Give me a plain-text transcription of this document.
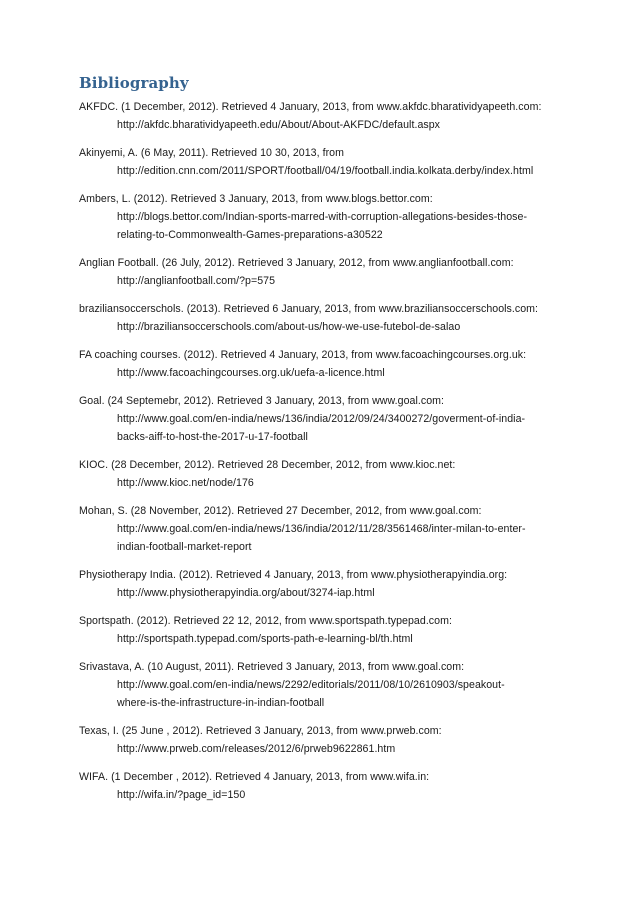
Bibliography
AKFDC. (1 December, 2012). Retrieved 4 January, 2013, from www.akfdc.bharatividyapeeth.com:
http://akfdc.bharatividyapeeth.edu/About/About-AKFDC/default.aspx
Akinyemi, A. (6 May, 2011). Retrieved 10 30, 2013, from
http://edition.cnn.com/2011/SPORT/football/04/19/football.india.kolkata.derby/index.html
Ambers, L. (2012). Retrieved 3 January, 2013, from www.blogs.bettor.com:
http://blogs.bettor.com/Indian-sports-marred-with-corruption-allegations-besides-those-
relating-to-Commonwealth-Games-preparations-a30522
Anglian Football. (26 July, 2012). Retrieved 3 January, 2012, from www.anglianfootball.com:
http://anglianfootball.com/?p=575
braziliansoccerschols. (2013). Retrieved 6 January, 2013, from www.braziliansoccerschools.com:
http://braziliansoccerschools.com/about-us/how-we-use-futebol-de-salao
FA coaching courses. (2012). Retrieved 4 January, 2013, from www.facoachingcourses.org.uk:
http://www.facoachingcourses.org.uk/uefa-a-licence.html
Goal. (24 Septemebr, 2012). Retrieved 3 January, 2013, from www.goal.com:
http://www.goal.com/en-india/news/136/india/2012/09/24/3400272/goverment-of-india-
backs-aiff-to-host-the-2017-u-17-football
KIOC. (28 December, 2012). Retrieved 28 December, 2012, from www.kioc.net:
http://www.kioc.net/node/176
Mohan, S. (28 November, 2012). Retrieved 27 December, 2012, from www.goal.com:
http://www.goal.com/en-india/news/136/india/2012/11/28/3561468/inter-milan-to-enter-
indian-football-market-report
Physiotherapy India. (2012). Retrieved 4 January, 2013, from www.physiotherapyindia.org:
http://www.physiotherapyindia.org/about/3274-iap.html
Sportspath. (2012). Retrieved 22 12, 2012, from www.sportspath.typepad.com:
http://sportspath.typepad.com/sports-path-e-learning-bl/th.html
Srivastava, A. (10 August, 2011). Retrieved 3 January, 2013, from www.goal.com:
http://www.goal.com/en-india/news/2292/editorials/2011/08/10/2610903/speakout-
where-is-the-infrastructure-in-indian-football
Texas, I. (25 June , 2012). Retrieved 3 January, 2013, from www.prweb.com:
http://www.prweb.com/releases/2012/6/prweb9622861.htm
WIFA. (1 December , 2012). Retrieved 4 January, 2013, from www.wifa.in:
http://wifa.in/?page_id=150
